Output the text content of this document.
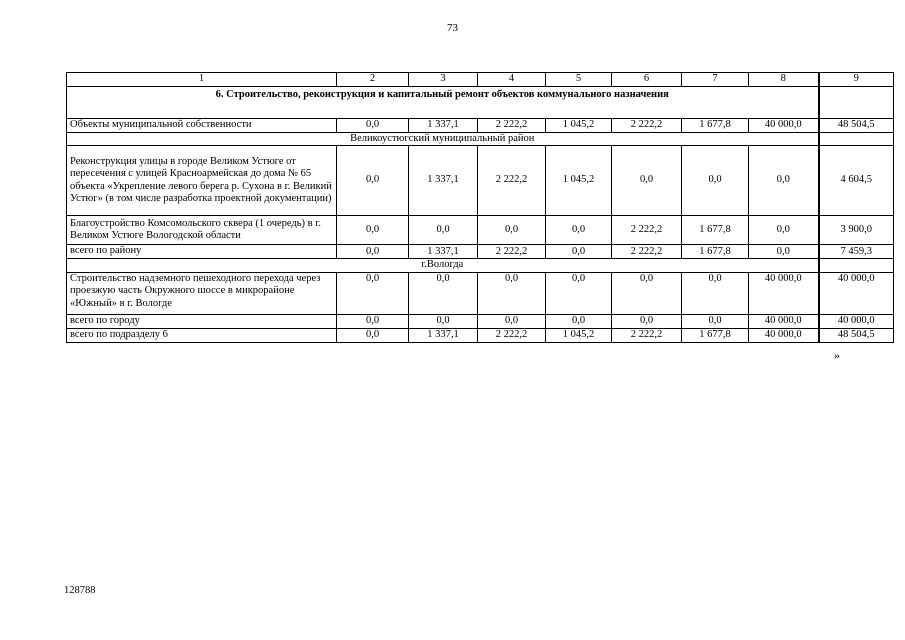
73
1	2	3	4	5	6	7	8	9
6. Строительство, реконструкция и капитальный ремонт объектов коммунального назначения								
Объекты муниципальной собственности	0,0	1 337,1	2 222,2	1 045,2	2 222,2	1 677,8	40 000,0	48 504,5
Великоустюгский муниципальный район								
Реконструкция улицы в городе Великом Устюге от пересечения с улицей Красноармейская до дома № 65 объекта «Укрепление левого берега р. Сухона в г. Великий Устюг» (в том числе разработка проектной документации)	0,0	1 337,1	2 222,2	1 045,2	0,0	0,0	0,0	4 604,5
Благоустройство Комсомольского сквера (1 очередь) в г. Великом Устюге Вологодской области	0,0	0,0	0,0	0,0	2 222,2	1 677,8	0,0	3 900,0
всего по району	0,0	1 337,1	2 222,2	0,0	2 222,2	1 677,8	0,0	7 459,3
г.Вологда								
Строительство надземного пешеходного перехода через проезжую часть Окружного шоссе в микрорайоне «Южный» в г. Вологде	0,0	0,0	0,0	0,0	0,0	0,0	40 000,0	40 000,0
всего по городу	0,0	0,0	0,0	0,0	0,0	0,0	40 000,0	40 000,0
всего по подразделу 6	0,0	1 337,1	2 222,2	1 045,2	2 222,2	1 677,8	40 000,0	48 504,5
»
128788
